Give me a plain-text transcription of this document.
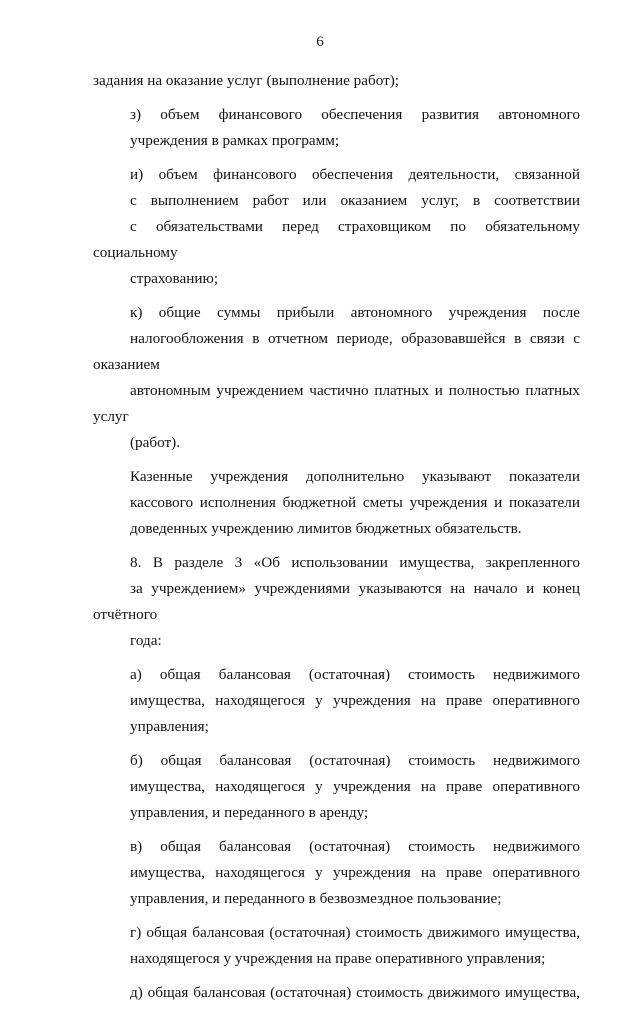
6

задания на оказание услуг (выполнение работ);

з) объем финансового обеспечения развития автономного
учреждения в рамках программ;

и) объем финансового обеспечения деятельности, связанной
с выполнением работ или оказанием услуг, в соответствии
с обязательствами перед страховщиком по обязательному социальному
страхованию;

к) общие суммы прибыли автономного учреждения после
налогообложения в отчетном периоде, образовавшейся в связи с оказанием
автономным учреждением частично платных и полностью платных услуг
(работ).

Казенные учреждения дополнительно указывают показатели
кассового исполнения бюджетной сметы учреждения и показатели
доведенных учреждению лимитов бюджетных обязательств.

8. В разделе 3 «Об использовании имущества, закрепленного
за учреждением» учреждениями указываются на начало и конец отчётного
года:

а) общая балансовая (остаточная) стоимость недвижимого
имущества, находящегося у учреждения на праве оперативного
управления;

б) общая балансовая (остаточная) стоимость недвижимого
имущества, находящегося у учреждения на праве оперативного
управления, и переданного в аренду;

в) общая балансовая (остаточная) стоимость недвижимого
имущества, находящегося у учреждения на праве оперативного
управления, и переданного в безвозмездное пользование;

г) общая балансовая (остаточная) стоимость движимого имущества,
находящегося у учреждения на праве оперативного управления;

д) общая балансовая (остаточная) стоимость движимого имущества,
